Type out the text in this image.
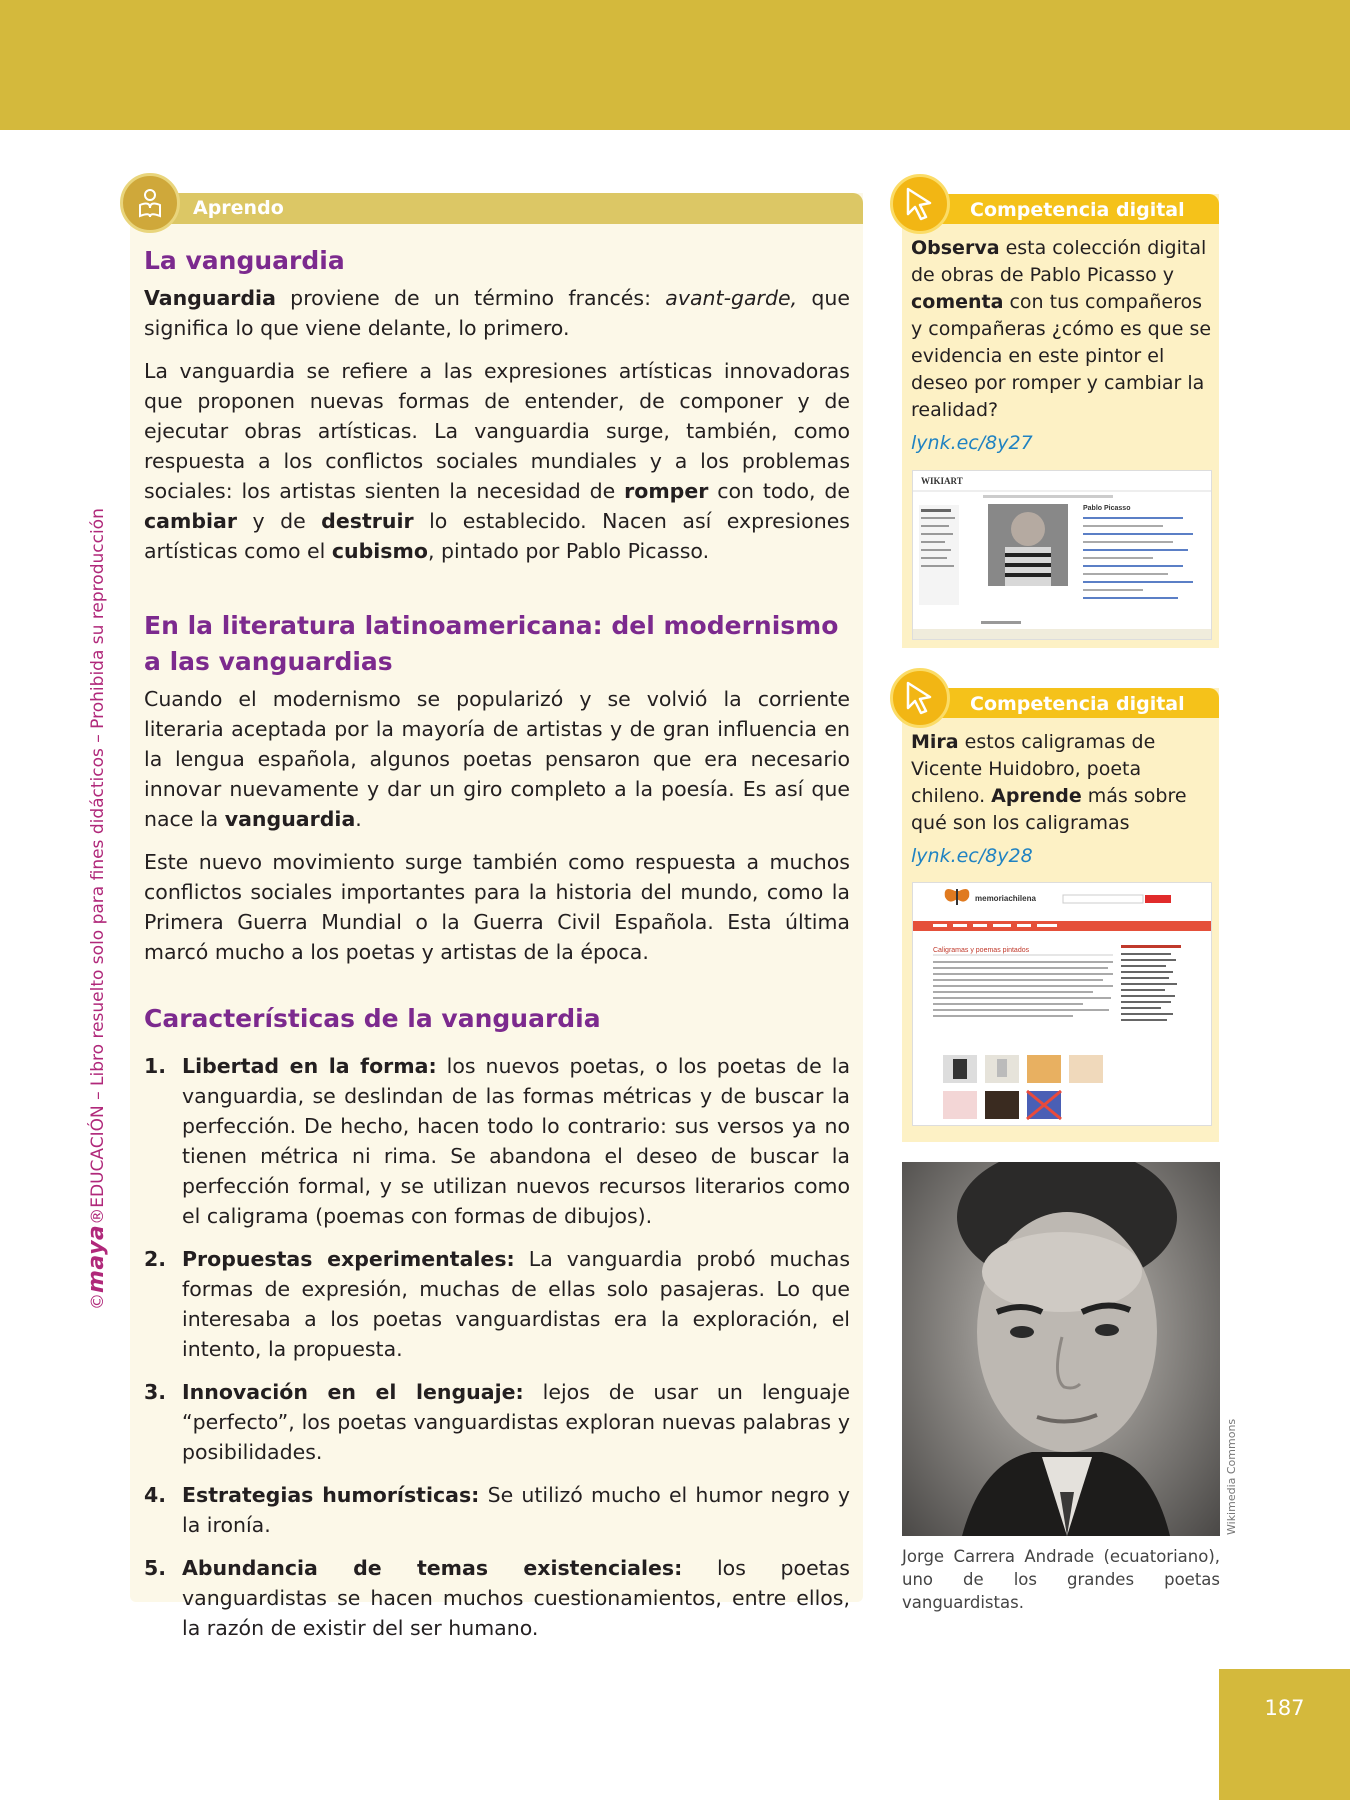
©maya®EDUCACIÓN – Libro resuelto solo para fines didácticos – Prohibida su reproducción
Aprendo
La vanguardia

Vanguardia proviene de un término francés: avant-garde, que significa lo que viene delante, lo primero.

La vanguardia se refiere a las expresiones artísticas innovadoras que proponen nuevas formas de entender, de componer y de ejecutar obras artísticas. La vanguardia surge, también, como respuesta a los conflictos sociales mundiales y a los problemas sociales: los artistas sienten la necesidad de romper con todo, de cambiar y de destruir lo establecido. Nacen así expresiones artísticas como el cubismo, pintado por Pablo Picasso.

En la literatura latinoamericana: del modernismo a las vanguardias

Cuando el modernismo se popularizó y se volvió la corriente literaria aceptada por la mayoría de artistas y de gran influencia en la lengua española, algunos poetas pensaron que era necesario innovar nuevamente y dar un giro completo a la poesía. Es así que nace la vanguardia.

Este nuevo movimiento surge también como respuesta a muchos conflictos sociales importantes para la historia del mundo, como la Primera Guerra Mundial o la Guerra Civil Española. Esta última marcó mucho a los poetas y artistas de la época.

Características de la vanguardia
1. Libertad en la forma: los nuevos poetas, o los poetas de la vanguardia, se deslindan de las formas métricas y de buscar la perfección. De hecho, hacen todo lo contrario: sus versos ya no tienen métrica ni rima. Se abandona el deseo de buscar la perfección formal, y se utilizan nuevos recursos literarios como el caligrama (poemas con formas de dibujos).
2. Propuestas experimentales: La vanguardia probó muchas formas de expresión, muchas de ellas solo pasajeras. Lo que interesaba a los poetas vanguardistas era la exploración, el intento, la propuesta.
3. Innovación en el lenguaje: lejos de usar un lenguaje “perfecto”, los poetas vanguardistas exploran nuevas palabras y posibilidades.
4. Estrategias humorísticas: Se utilizó mucho el humor negro y la ironía.
5. Abundancia de temas existenciales: los poetas vanguardistas se hacen muchos cuestionamientos, entre ellos, la razón de existir del ser humano.
Competencia digital

Observa esta colección digital de obras de Pablo Picasso y comenta con tus compañeros y compañeras ¿cómo es que se evidencia en este pintor el deseo por romper y cambiar la realidad?

lynk.ec/8y27

WIKIART
Pablo Picasso
Competencia digital

Mira estos caligramas de Vicente Huidobro, poeta chileno. Aprende más sobre qué son los caligramas

lynk.ec/8y28

memoriachilena
Caligramas y poemas pintados
Wikimedia Commons
Jorge Carrera Andrade (ecuatoriano), uno de los grandes poetas vanguardistas.
187
